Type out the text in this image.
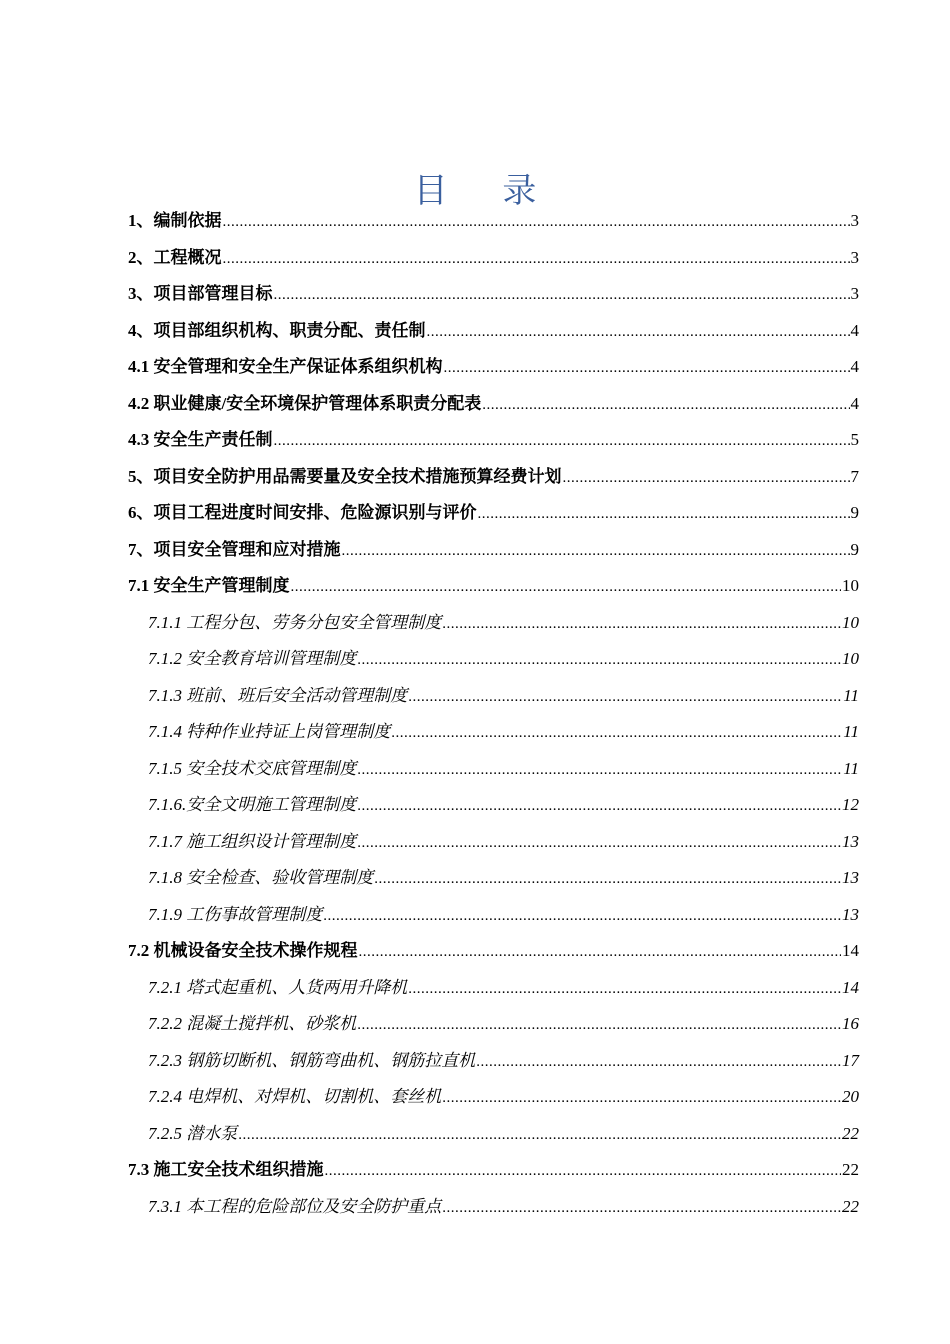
目 录
1、编制依据 .....	3
2、工程概况 .....	3
3、项目部管理目标 .....	3
4、项目部组织机构、职责分配、责任制 .....	4
4.1 安全管理和安全生产保证体系组织机构 .....	4
4.2 职业健康/安全环境保护管理体系职责分配表 .....	4
4.3 安全生产责任制 .....	5
5、项目安全防护用品需要量及安全技术措施预算经费计划 .....	7
6、项目工程进度时间安排、危险源识别与评价 .....	9
7、项目安全管理和应对措施 .....	9
7.1 安全生产管理制度 .....	10
7.1.1 工程分包、劳务分包安全管理制度 .....	10
7.1.2 安全教育培训管理制度 .....	10
7.1.3 班前、班后安全活动管理制度 .....	11
7.1.4 特种作业持证上岗管理制度 .....	11
7.1.5 安全技术交底管理制度 .....	11
7.1.6.安全文明施工管理制度 .....	12
7.1.7 施工组织设计管理制度 .....	13
7.1.8 安全检查、验收管理制度 .....	13
7.1.9 工伤事故管理制度 .....	13
7.2 机械设备安全技术操作规程 .....	14
7.2.1 塔式起重机、人货两用升降机 .....	14
7.2.2 混凝土搅拌机、砂浆机 .....	16
7.2.3 钢筋切断机、钢筋弯曲机、钢筋拉直机 .....	17
7.2.4 电焊机、对焊机、切割机、套丝机 .....	20
7.2.5 潜水泵 .....	22
7.3 施工安全技术组织措施 .....	22
7.3.1 本工程的危险部位及安全防护重点 .....	22
